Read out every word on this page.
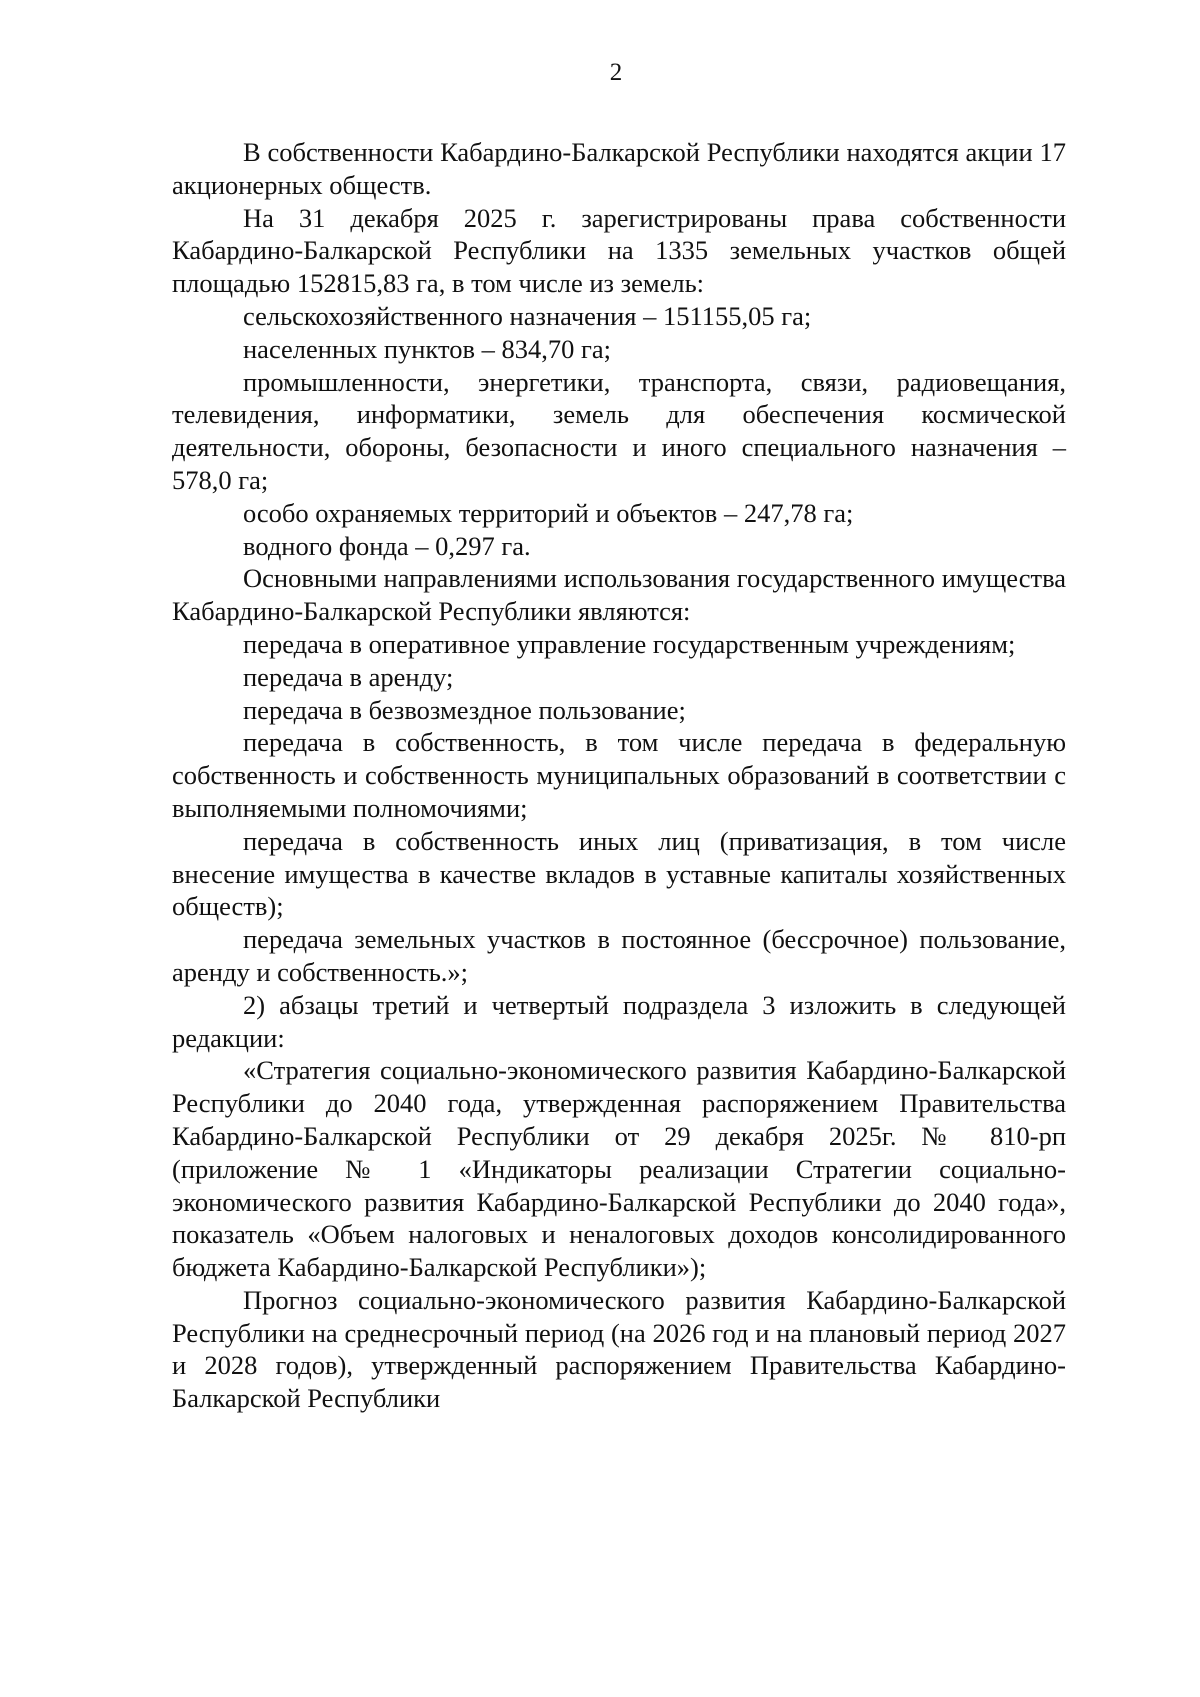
2

В собственности Кабардино-Балкарской Республики находятся акции 17 акционерных обществ.

На 31 декабря 2025 г. зарегистрированы права собственности Кабардино-Балкарской Республики на 1335 земельных участков общей площадью 152815,83 га, в том числе из земель:

сельскохозяйственного назначения – 151155,05 га;

населенных пунктов – 834,70 га;

промышленности, энергетики, транспорта, связи, радиовещания, телевидения, информатики, земель для обеспечения космической деятельности, обороны, безопасности и иного специального назначения – 578,0 га;

особо охраняемых территорий и объектов – 247,78 га;

водного фонда – 0,297 га.

Основными направлениями использования государственного имущества Кабардино-Балкарской Республики являются:

передача в оперативное управление государственным учреждениям;

передача в аренду;

передача в безвозмездное пользование;

передача в собственность, в том числе передача в федеральную собственность и собственность муниципальных образований в соответствии с выполняемыми полномочиями;

передача в собственность иных лиц (приватизация, в том числе внесение имущества в качестве вкладов в уставные капиталы хозяйственных обществ);

передача земельных участков в постоянное (бессрочное) пользование, аренду и собственность.»;

2) абзацы третий и четвертый подраздела 3 изложить в следующей редакции:

«Стратегия социально-экономического развития Кабардино-Балкарской Республики до 2040 года, утвержденная распоряжением Правительства Кабардино-Балкарской Республики от 29 декабря 2025г. № 810-рп (приложение № 1 «Индикаторы реализации Стратегии социально-экономического развития Кабардино-Балкарской Республики до 2040 года», показатель «Объем налоговых и неналоговых доходов консолидированного бюджета Кабардино-Балкарской Республики»);

Прогноз социально-экономического развития Кабардино-Балкарской Республики на среднесрочный период (на 2026 год и на плановый период 2027 и 2028 годов), утвержденный распоряжением Правительства Кабардино-Балкарской Республики
